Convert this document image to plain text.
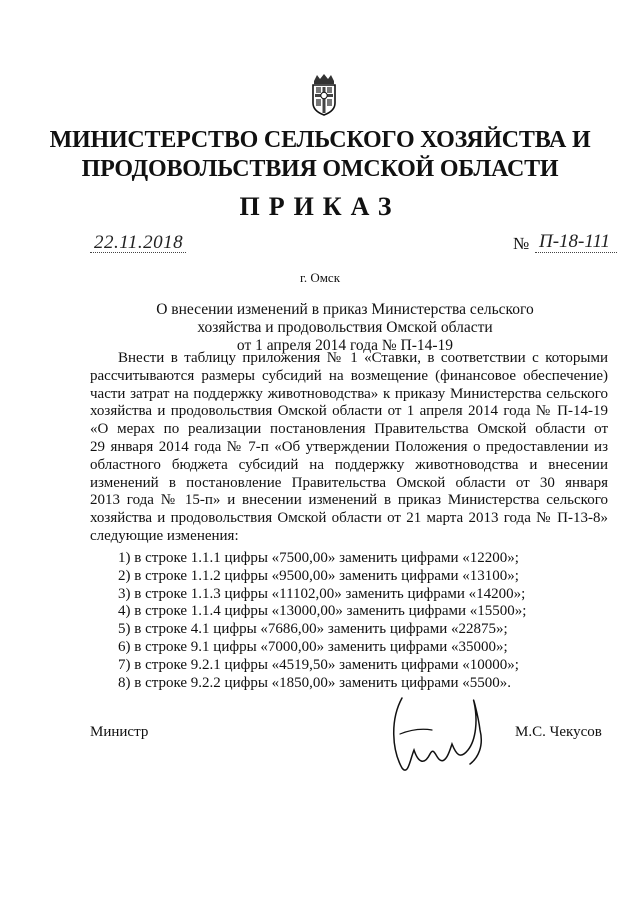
МИНИСТЕРСТВО СЕЛЬСКОГО ХОЗЯЙСТВА И
ПРОДОВОЛЬСТВИЯ ОМСКОЙ ОБЛАСТИ
ПРИКАЗ
22.11.2018	№ П-18-111
г. Омск
О внесении изменений в приказ Министерства сельского
хозяйства и продовольствия Омской области
от 1 апреля 2014 года № П-14-19
Внести в таблицу приложения № 1 «Ставки, в соответствии с которыми
рассчитываются размеры субсидий на возмещение (финансовое обеспечение)
части затрат на поддержку животноводства» к приказу Министерства сельского
хозяйства и продовольствия Омской области от 1 апреля 2014 года № П-14-19
«О мерах по реализации постановления Правительства Омской области от
29 января 2014 года № 7-п «Об утверждении Положения о предоставлении из
областного бюджета субсидий на поддержку животноводства и внесении
изменений в постановление Правительства Омской области от 30 января
2013 года № 15-п» и внесении изменений в приказ Министерства сельского
хозяйства и продовольствия Омской области от 21 марта 2013 года № П-13-8»
следующие изменения:
1) в строке 1.1.1 цифры «7500,00» заменить цифрами «12200»;
2) в строке 1.1.2 цифры «9500,00» заменить цифрами «13100»;
3) в строке 1.1.3 цифры «11102,00» заменить цифрами «14200»;
4) в строке 1.1.4 цифры «13000,00» заменить цифрами «15500»;
5) в строке 4.1 цифры «7686,00» заменить цифрами «22875»;
6) в строке 9.1 цифры «7000,00» заменить цифрами «35000»;
7) в строке 9.2.1 цифры «4519,50» заменить цифрами «10000»;
8) в строке 9.2.2 цифры «1850,00» заменить цифрами «5500».
Министр	М.С. Чекусов
